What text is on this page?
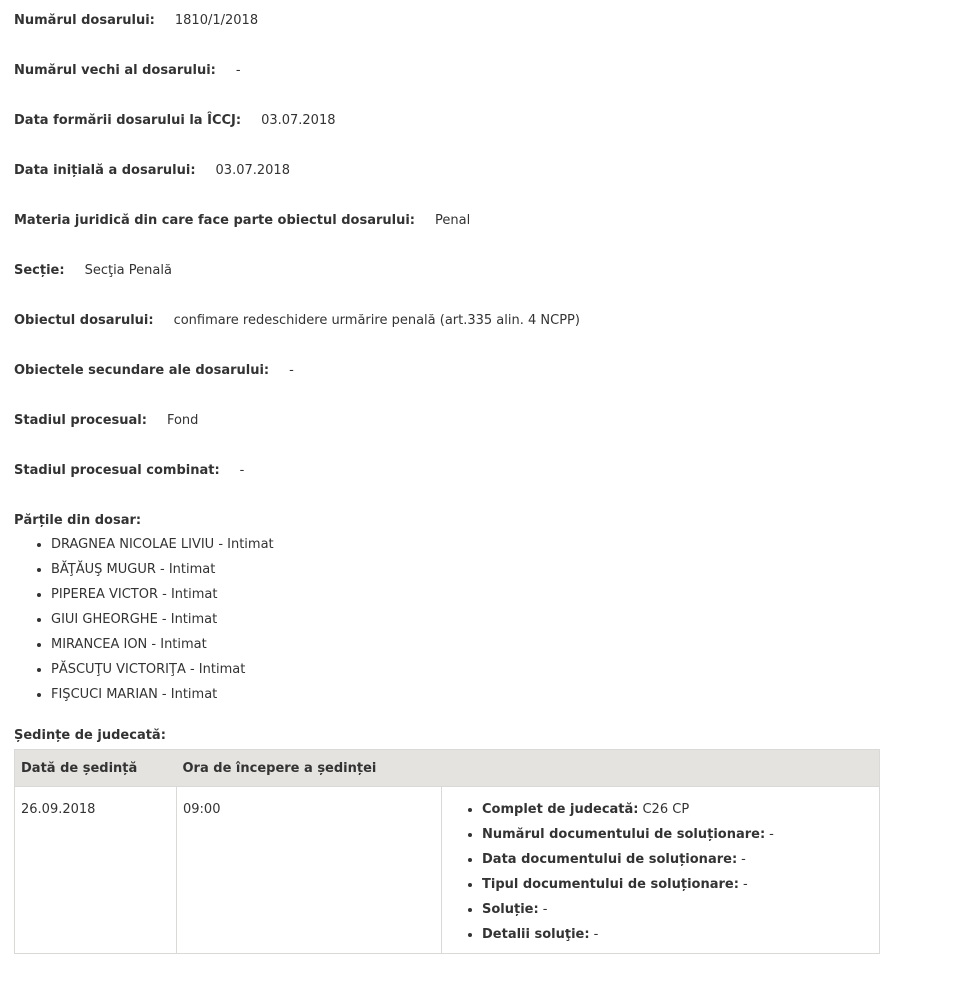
Numărul dosarului: 1810/1/2018

Numărul vechi al dosarului: -

Data formării dosarului la ÎCCJ: 03.07.2018

Data inițială a dosarului: 03.07.2018

Materia juridică din care face parte obiectul dosarului: Penal

Secție: Secţia Penală

Obiectul dosarului: confimare redeschidere urmărire penală (art.335 alin. 4 NCPP)

Obiectele secundare ale dosarului: -

Stadiul procesual: Fond

Stadiul procesual combinat: -

Părțile din dosar:

• DRAGNEA NICOLAE LIVIU - Intimat
• BĂŢĂUŞ MUGUR - Intimat
• PIPEREA VICTOR - Intimat
• GIUI GHEORGHE - Intimat
• MIRANCEA ION - Intimat
• PĂSCUŢU VICTORIŢA - Intimat
• FIŞCUCI MARIAN - Intimat

Ședințe de judecată:

Dată de ședință	Ora de începere a ședinței	
26.09.2018	09:00	
•Complet de judecată: C26 CP
• Numărul documentului de soluționare: -
• Data documentului de soluționare: -
• Tipul documentului de soluționare: -
• Soluție: -
• Detalii soluţie: -
